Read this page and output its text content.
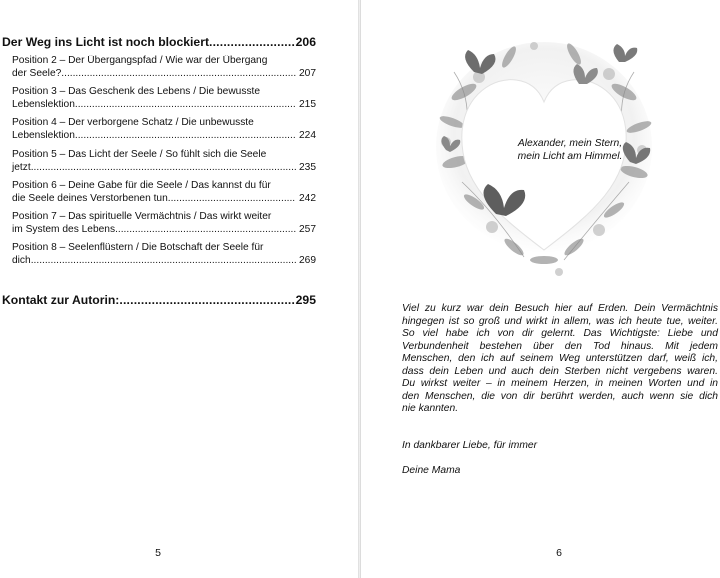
Der Weg ins Licht ist noch blockiert .....	206
Position 2 – Der Übergangspfad / Wie war der Übergang
der Seele? .....	207
Position 3 – Das Geschenk des Lebens / Die bewusste
Lebenslektion .....	215
Position 4 – Der verborgene Schatz / Die unbewusste
Lebenslektion .....	224
Position 5 – Das Licht der Seele / So fühlt sich die Seele
jetzt .....	235
Position 6 – Deine Gabe für die Seele / Das kannst du für
die Seele deines Verstorbenen tun .....	242
Position 7 – Das spirituelle Vermächtnis / Das wirkt weiter
im System des Lebens .....	257
Position 8 – Seelenflüstern / Die Botschaft der Seele für
dich .....	269
Kontakt zur Autorin: .....	295
5
Alexander, mein Stern,
mein Licht am Himmel.
Viel zu kurz war dein Besuch hier auf Erden. Dein Vermächtnis
hingegen ist so groß und wirkt in allem, was ich heute tue, weiter.
So viel habe ich von dir gelernt. Das Wichtigste: Liebe und
Verbundenheit bestehen über den Tod hinaus. Mit jedem
Menschen, den ich auf seinem Weg unterstützen darf, weiß ich,
dass dein Leben und auch dein Sterben nicht vergebens waren.
Du wirkst weiter – in meinem Herzen, in meinen Worten und in
den Menschen, die von dir berührt werden, auch wenn sie dich
nie kannten.
In dankbarer Liebe, für immer
Deine Mama
6
